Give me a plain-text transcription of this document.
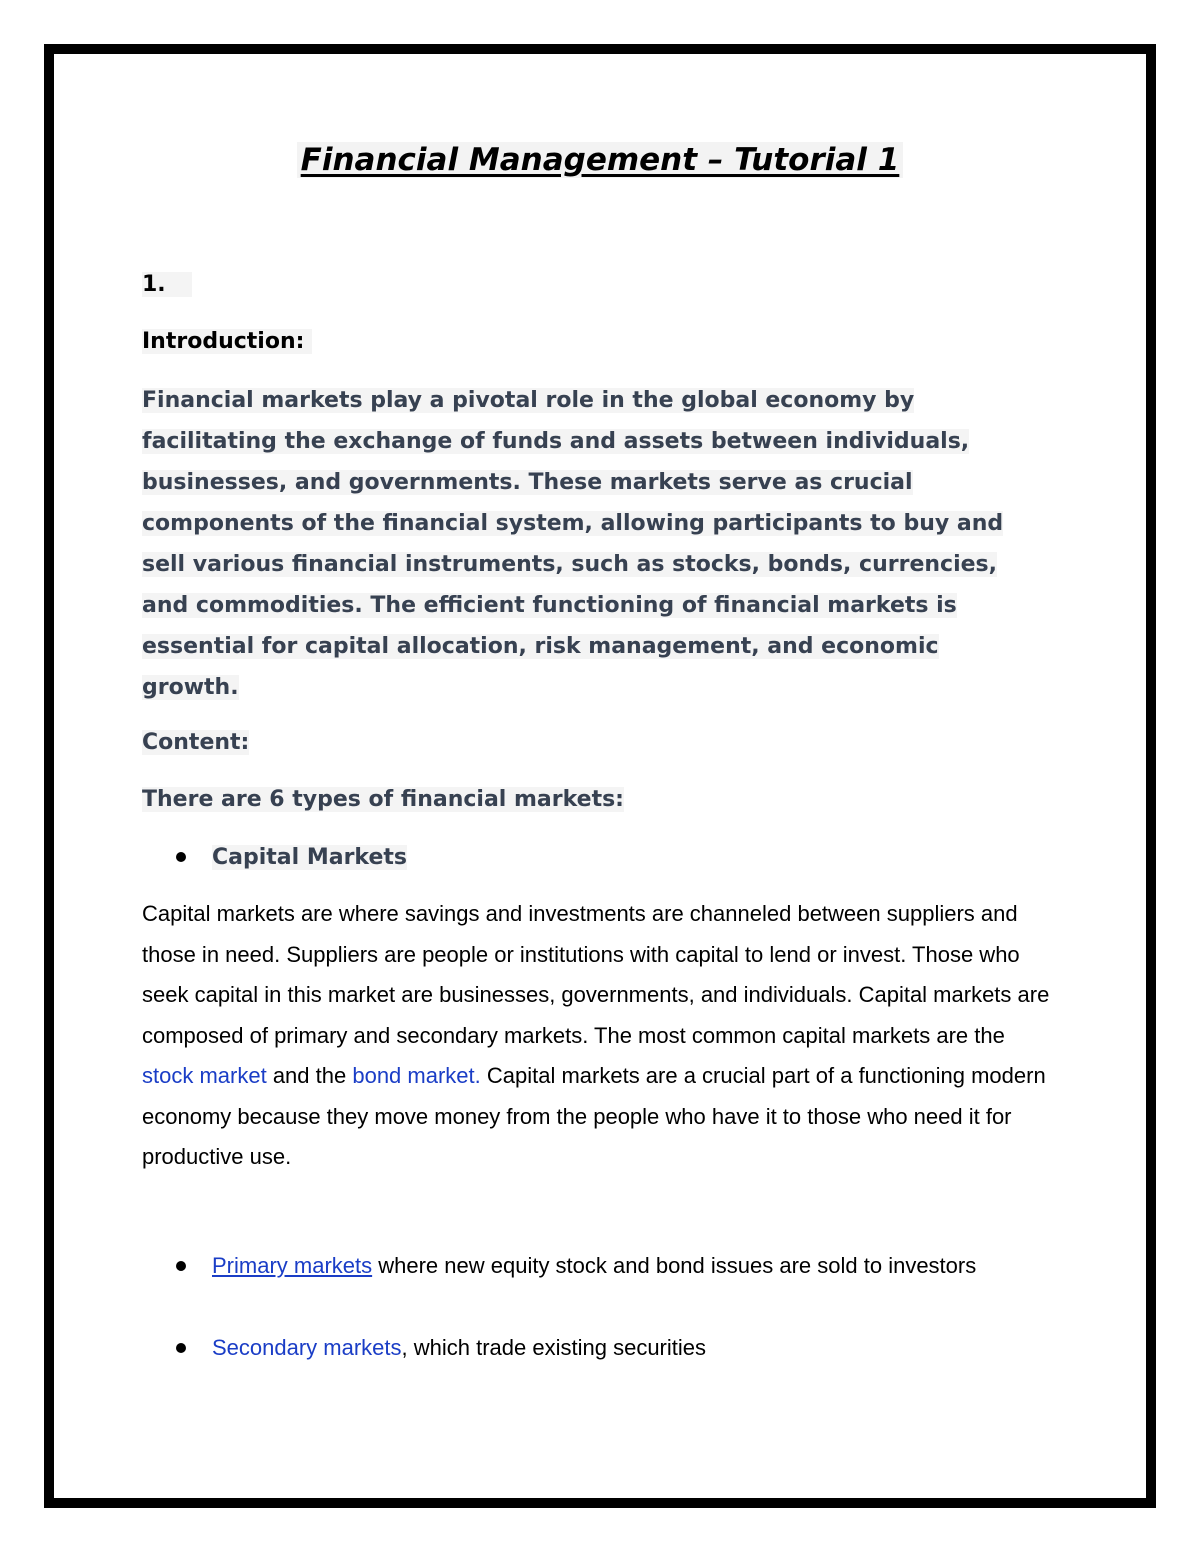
Financial Management – Tutorial 1
1.
Introduction:

Financial markets play a pivotal role in the global economy by facilitating the exchange of funds and assets between individuals, businesses, and governments. These markets serve as crucial components of the financial system, allowing participants to buy and sell various financial instruments, such as stocks, bonds, currencies, and commodities. The efficient functioning of financial markets is essential for capital allocation, risk management, and economic growth.

Content:

There are 6 types of financial markets:

Capital Markets

Capital markets are where savings and investments are channeled between suppliers and those in need. Suppliers are people or institutions with capital to lend or invest. Those who seek capital in this market are businesses, governments, and individuals. Capital markets are composed of primary and secondary markets. The most common capital markets are the stock market and the bond market. Capital markets are a crucial part of a functioning modern economy because they move money from the people who have it to those who need it for productive use.

Primary markets where new equity stock and bond issues are sold to investors

Secondary markets, which trade existing securities
